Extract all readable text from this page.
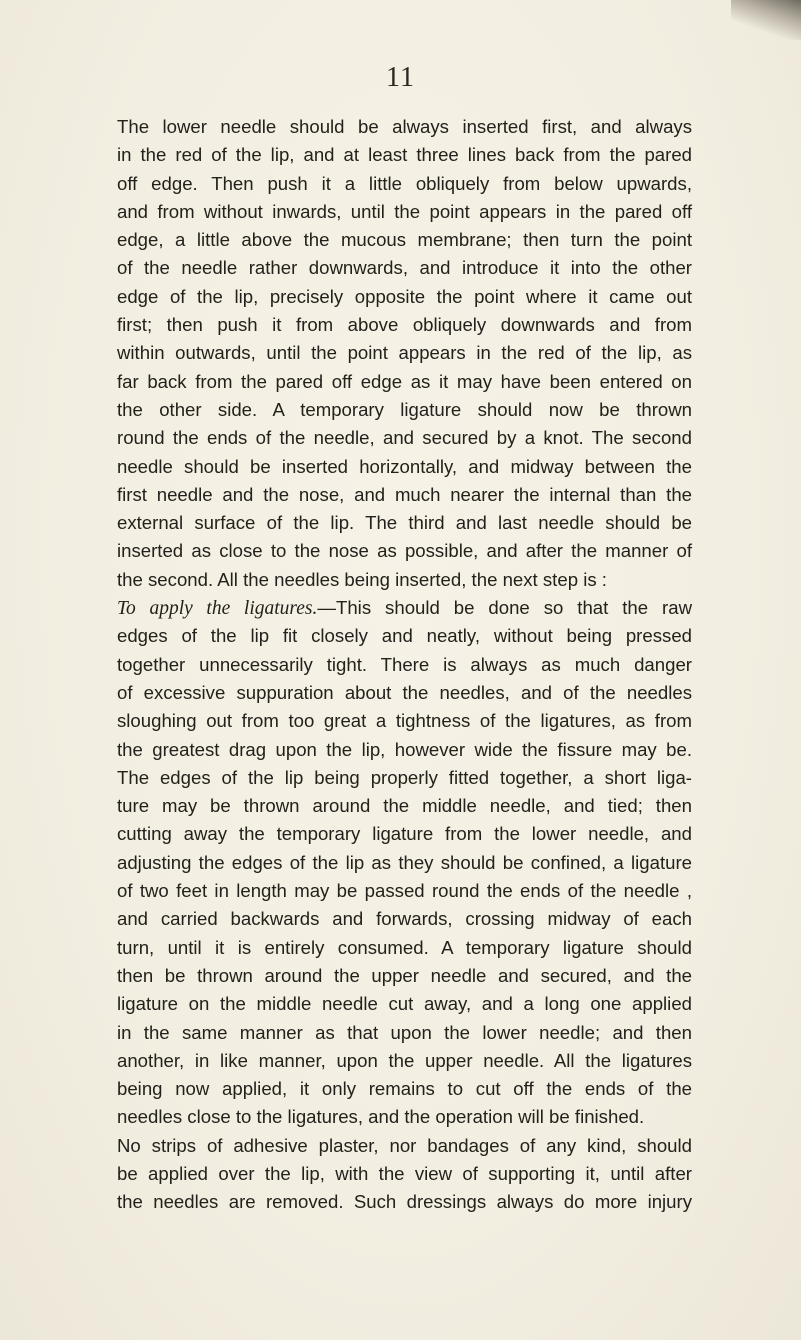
11
The lower needle should be always inserted first, and always
in the red of the lip, and at least three lines back from the pared
off edge. Then push it a little obliquely from below upwards,
and from without inwards, until the point appears in the pared off
edge, a little above the mucous membrane; then turn the point
of the needle rather downwards, and introduce it into the other
edge of the lip, precisely opposite the point where it came out
first; then push it from above obliquely downwards and from
within outwards, until the point appears in the red of the lip, as
far back from the pared off edge as it may have been entered on
the other side. A temporary ligature should now be thrown
round the ends of the needle, and secured by a knot. The second
needle should be inserted horizontally, and midway between the
first needle and the nose, and much nearer the internal than the
external surface of the lip. The third and last needle should be
inserted as close to the nose as possible, and after the manner of
the second. All the needles being inserted, the next step is :
To apply the ligatures.—This should be done so that the raw
edges of the lip fit closely and neatly, without being pressed
together unnecessarily tight. There is always as much danger
of excessive suppuration about the needles, and of the needles
sloughing out from too great a tightness of the ligatures, as from
the greatest drag upon the lip, however wide the fissure may be.
The edges of the lip being properly fitted together, a short liga-
ture may be thrown around the middle needle, and tied; then
cutting away the temporary ligature from the lower needle, and
adjusting the edges of the lip as they should be confined, a ligature
of two feet in length may be passed round the ends of the needle ,
and carried backwards and forwards, crossing midway of each
turn, until it is entirely consumed. A temporary ligature should
then be thrown around the upper needle and secured, and the
ligature on the middle needle cut away, and a long one applied
in the same manner as that upon the lower needle; and then
another, in like manner, upon the upper needle. All the ligatures
being now applied, it only remains to cut off the ends of the
needles close to the ligatures, and the operation will be finished.
No strips of adhesive plaster, nor bandages of any kind, should
be applied over the lip, with the view of supporting it, until after
the needles are removed. Such dressings always do more injury
